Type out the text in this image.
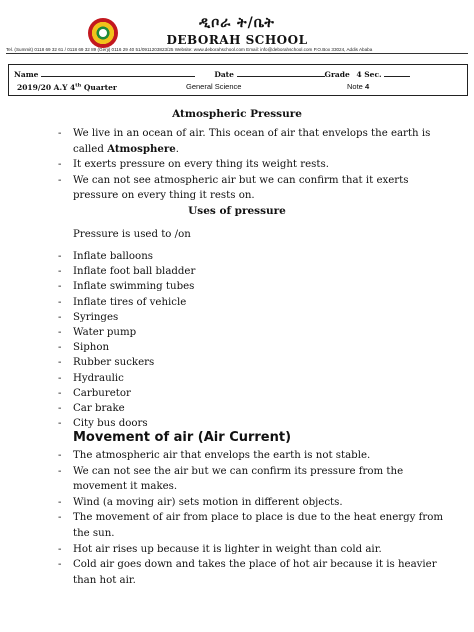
ዲቦራ ት/ቤት
DEBORAH SCHOOL
Tel. (Summit) 0118 69 32 61 / 0118 69 32 89 (Gerji) 0116 29 40 51/0911203823/25 Website: www.deborahschool.com Email: info@deborahschool.com P.O.Box 33024, Addis Ababa
Name	Date	Grade 4 Sec.
2019/20 A.Y 4th Quarter	General Science	Note 4
Atmospheric Pressure
- We live in an ocean of air. This ocean of air that envelops the earth is called Atmosphere.
- It exerts pressure on every thing its weight rests.
- We can not see atmospheric air but we can confirm that it exerts pressure on every thing it rests on.
Uses of pressure
Pressure is used to /on
- Inflate balloons
- Inflate foot ball bladder
- Inflate swimming tubes
- Inflate tires of vehicle
- Syringes
- Water pump
- Siphon
- Rubber suckers
- Hydraulic
- Carburetor
- Car brake
- City bus doors
Movement of air (Air Current)
- The atmospheric air that envelops the earth is not stable.
- We can not see the air but we can confirm its pressure from the movement it makes.
- Wind (a moving air) sets motion in different objects.
- The movement of air from place to place is due to the heat energy from the sun.
- Hot air rises up because it is lighter in weight than cold air.
- Cold air goes down and takes the place of hot air because it is heavier than hot air.
